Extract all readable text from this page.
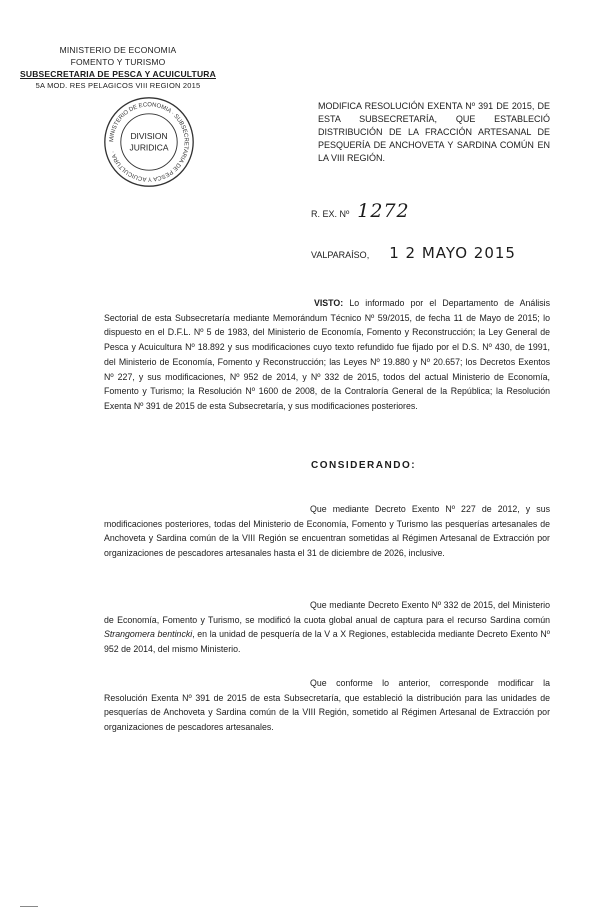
MINISTERIO DE ECONOMIA
FOMENTO Y TURISMO
SUBSECRETARIA DE PESCA Y ACUICULTURA
5A MOD. RES PELAGICOS VIII REGION 2015
MINISTERIO DE ECONOMIA · SUBSECRETARIA DE PESCA Y ACUICULTURA ·
DIVISION
JURIDICA
MODIFICA RESOLUCIÓN EXENTA Nº 391 DE 2015, DE ESTA SUBSECRETARÍA, QUE ESTABLECIÓ DISTRIBUCIÓN DE LA FRACCIÓN ARTESANAL DE PESQUERÍA DE ANCHOVETA Y SARDINA COMÚN EN LA VIII REGIÓN.
R. EX. Nº 1272
VALPARAÍSO, 1 2 MAYO 2015
VISTO: Lo informado por el Departamento de Análisis Sectorial de esta Subsecretaría mediante Memorándum Técnico Nº 59/2015, de fecha 11 de Mayo de 2015; lo dispuesto en el D.F.L. Nº 5 de 1983, del Ministerio de Economía, Fomento y Reconstrucción; la Ley General de Pesca y Acuicultura Nº 18.892 y sus modificaciones cuyo texto refundido fue fijado por el D.S. Nº 430, de 1991, del Ministerio de Economía, Fomento y Reconstrucción; las Leyes Nº 19.880 y Nº 20.657; los Decretos Exentos Nº 227, y sus modificaciones, Nº 952 de 2014, y Nº 332 de 2015, todos del actual Ministerio de Economía, Fomento y Turismo; la Resolución Nº 1600 de 2008, de la Contraloría General de la República; la Resolución Exenta Nº 391 de 2015 de esta Subsecretaría, y sus modificaciones posteriores.
CONSIDERANDO:
Que mediante Decreto Exento Nº 227 de 2012, y sus modificaciones posteriores, todas del Ministerio de Economía, Fomento y Turismo las pesquerías artesanales de Anchoveta y Sardina común de la VIII Región se encuentran sometidas al Régimen Artesanal de Extracción por organizaciones de pescadores artesanales hasta el 31 de diciembre de 2026, inclusive.
Que mediante Decreto Exento Nº 332 de 2015, del Ministerio de Economía, Fomento y Turismo, se modificó la cuota global anual de captura para el recurso Sardina común Strangomera bentincki, en la unidad de pesquería de la V a X Regiones, establecida mediante Decreto Exento Nº 952 de 2014, del mismo Ministerio.
Que conforme lo anterior, corresponde modificar la Resolución Exenta Nº 391 de 2015 de esta Subsecretaría, que estableció la distribución para las unidades de pesquerías de Anchoveta y Sardina común de la VIII Región, sometido al Régimen Artesanal de Extracción por organizaciones de pescadores artesanales.
